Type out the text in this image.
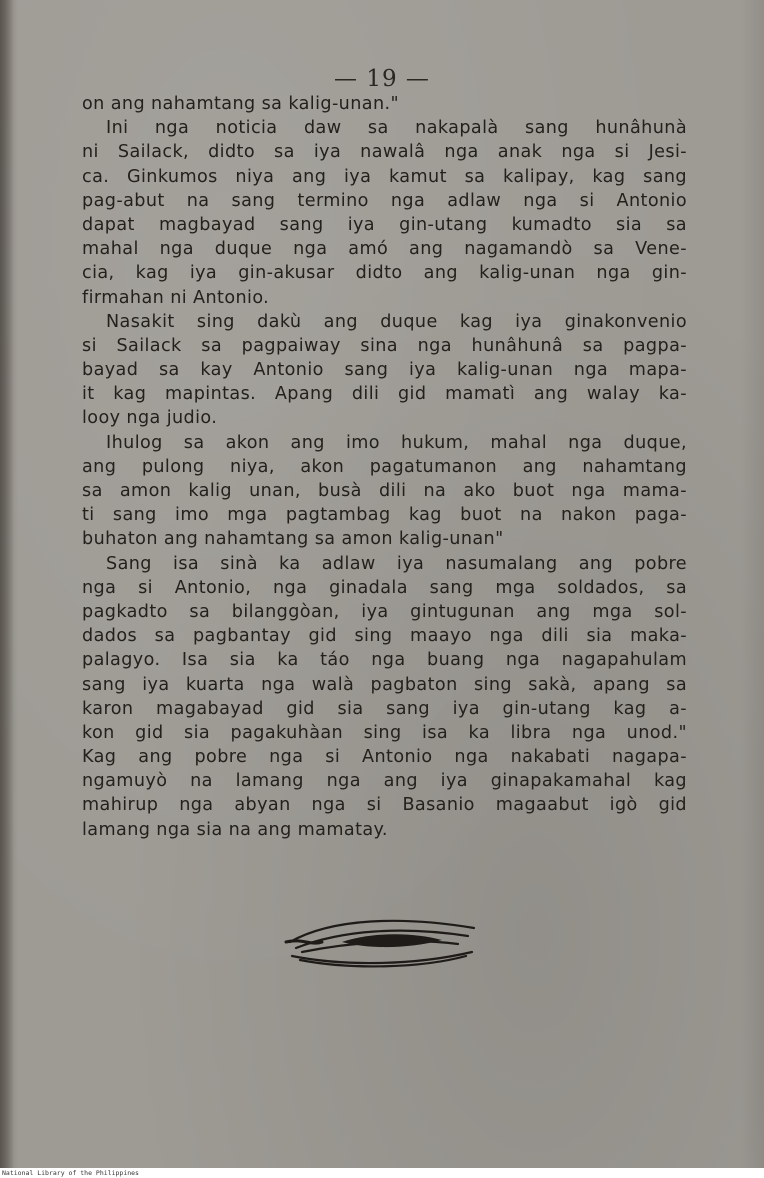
— 19 —
on ang nahamtang sa kalig-unan."
Ini nga noticia daw sa nakapalà sang hunâhunà
ni Sailack, didto sa iya nawalâ nga anak nga si Jesi-
ca. Ginkumos niya ang iya kamut sa kalipay, kag sang
pag-abut na sang termino nga adlaw nga si Antonio
dapat magbayad sang iya gin-utang kumadto sia sa
mahal nga duque nga amó ang nagamandò sa Vene-
cia, kag iya gin-akusar didto ang kalig-unan nga gin-
firmahan ni Antonio.
Nasakit sing dakù ang duque kag iya ginakonvenio
si Sailack sa pagpaiway sina nga hunâhunâ sa pagpa-
bayad sa kay Antonio sang iya kalig-unan nga mapa-
it kag mapintas. Apang dili gid mamatì ang walay ka-
looy nga judio.
Ihulog sa akon ang imo hukum, mahal nga duque,
ang pulong niya, akon pagatumanon ang nahamtang
sa amon kalig unan, busà dili na ako buot nga mama-
ti sang imo mga pagtambag kag buot na nakon paga-
buhaton ang nahamtang sa amon kalig-unan"
Sang isa sinà ka adlaw iya nasumalang ang pobre
nga si Antonio, nga ginadala sang mga soldados, sa
pagkadto sa bilanggòan, iya gintugunan ang mga sol-
dados sa pagbantay gid sing maayo nga dili sia maka-
palagyo. Isa sia ka táo nga buang nga nagapahulam
sang iya kuarta nga walà pagbaton sing sakà, apang sa
karon magabayad gid sia sang iya gin-utang kag a-
kon gid sia pagakuhàan sing isa ka libra nga unod."
Kag ang pobre nga si Antonio nga nakabati nagapa-
ngamuyò na lamang nga ang iya ginapakamahal kag
mahirup nga abyan nga si Basanio magaabut igò gid
lamang nga sia na ang mamatay.
National Library of the Philippines
